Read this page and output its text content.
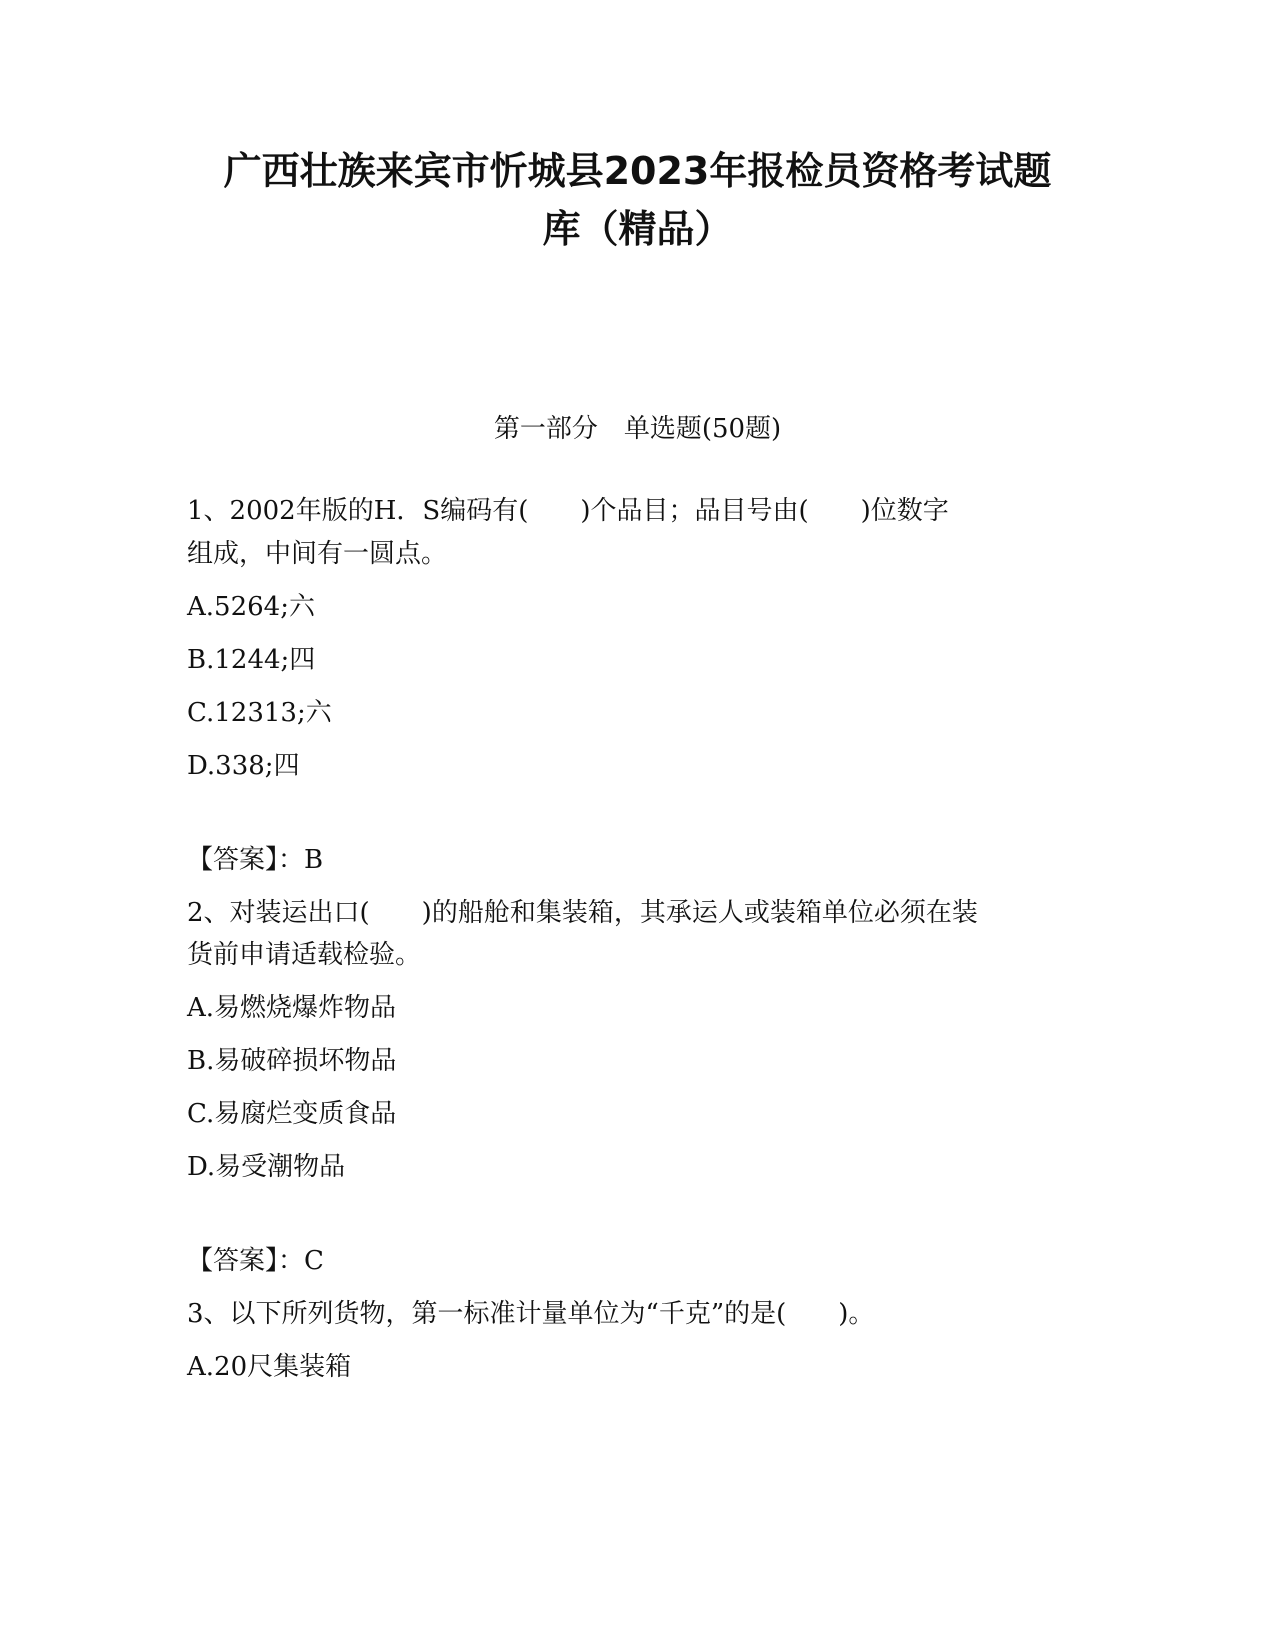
广西壮族来宾市忻城县2023年报检员资格考试题
库（精品）

第一部分　单选题(50题)

1、2002年版的H．S编码有(　　)个品目；品目号由(　　)位数字

组成，中间有一圆点。

A.5264;六

B.1244;四

C.12313;六

D.338;四

【答案】：B

2、对装运出口(　　)的船舱和集装箱，其承运人或装箱单位必须在装

货前申请适载检验。

A.易燃烧爆炸物品

B.易破碎损坏物品

C.易腐烂变质食品

D.易受潮物品

【答案】：C

3、以下所列货物，第一标准计量单位为“千克”的是(　　)。

A.20尺集装箱
